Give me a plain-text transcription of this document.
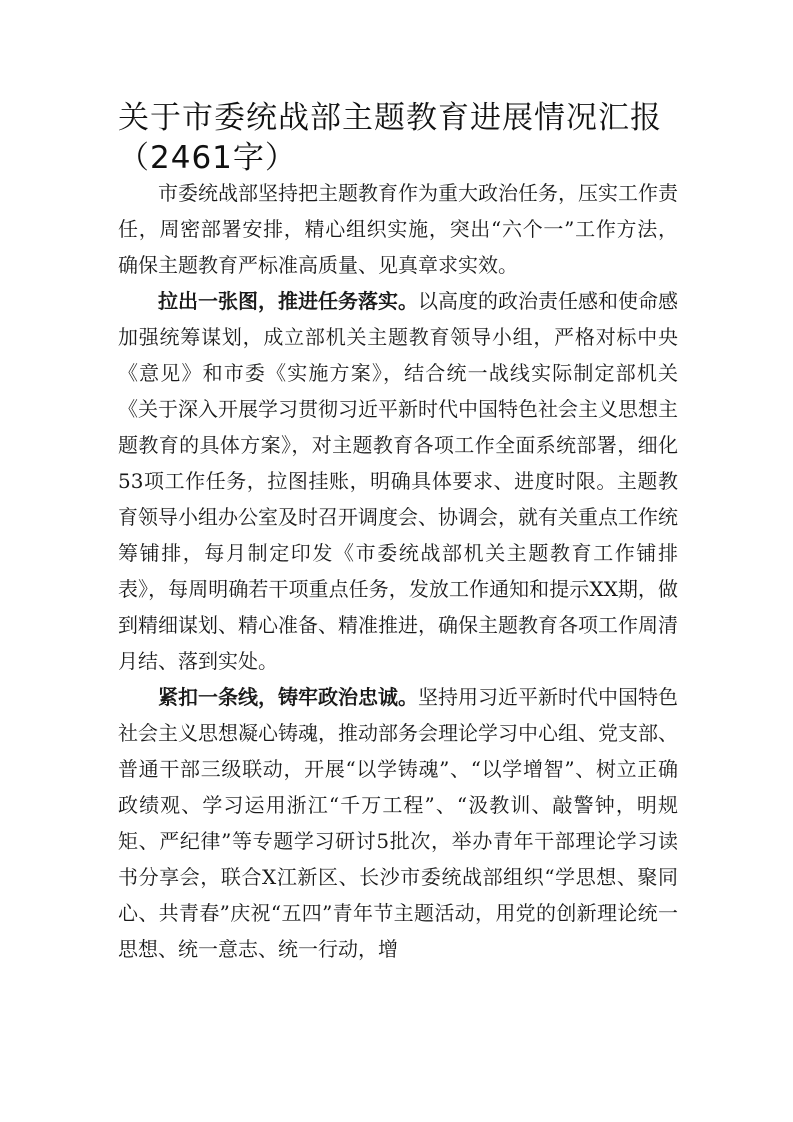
关于市委统战部主题教育进展情况汇报（2461字）

市委统战部坚持把主题教育作为重大政治任务，压实工作责任，周密部署安排，精心组织实施，突出“六个一”工作方法，确保主题教育严标准高质量、见真章求实效。

拉出一张图，推进任务落实。以高度的政治责任感和使命感加强统筹谋划，成立部机关主题教育领导小组，严格对标中央《意见》和市委《实施方案》，结合统一战线实际制定部机关《关于深入开展学习贯彻习近平新时代中国特色社会主义思想主题教育的具体方案》，对主题教育各项工作全面系统部署，细化53项工作任务，拉图挂账，明确具体要求、进度时限。主题教育领导小组办公室及时召开调度会、协调会，就有关重点工作统筹铺排，每月制定印发《市委统战部机关主题教育工作铺排表》，每周明确若干项重点任务，发放工作通知和提示XX期，做到精细谋划、精心准备、精准推进，确保主题教育各项工作周清月结、落到实处。

紧扣一条线，铸牢政治忠诚。坚持用习近平新时代中国特色社会主义思想凝心铸魂，推动部务会理论学习中心组、党支部、普通干部三级联动，开展“以学铸魂”、“以学增智”、树立正确政绩观、学习运用浙江“千万工程”、“汲教训、敲警钟，明规矩、严纪律”等专题学习研讨5批次，举办青年干部理论学习读书分享会，联合X江新区、长沙市委统战部组织“学思想、聚同心、共青春”庆祝“五四”青年节主题活动，用党的创新理论统一思想、统一意志、统一行动，增
